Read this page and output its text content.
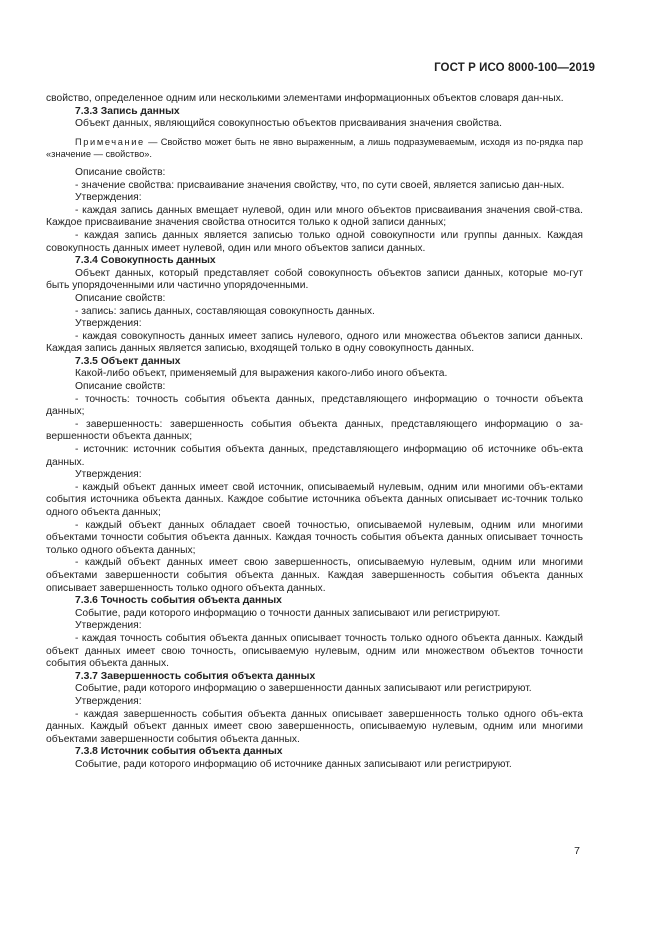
ГОСТ Р ИСО 8000-100—2019

свойство, определенное одним или несколькими элементами информационных объектов словаря дан-ных.

7.3.3 Запись данных

Объект данных, являющийся совокупностью объектов присваивания значения свойства.

Примечание — Свойство может быть не явно выраженным, а лишь подразумеваемым, исходя из по-рядка пар «значение — свойство».

Описание свойств:

- значение свойства: присваивание значения свойству, что, по сути своей, является записью дан-ных.

Утверждения:

- каждая запись данных вмещает нулевой, один или много объектов присваивания значения свой-ства. Каждое присваивание значения свойства относится только к одной записи данных;

- каждая запись данных является записью только одной совокупности или группы данных. Каждая совокупность данных имеет нулевой, один или много объектов записи данных.

7.3.4 Совокупность данных

Объект данных, который представляет собой совокупность объектов записи данных, которые мо-гут быть упорядоченными или частично упорядоченными.

Описание свойств:

- запись: запись данных, составляющая совокупность данных.

Утверждения:

- каждая совокупность данных имеет запись нулевого, одного или множества объектов записи данных. Каждая запись данных является записью, входящей только в одну совокупность данных.

7.3.5 Объект данных

Какой-либо объект, применяемый для выражения какого-либо иного объекта.

Описание свойств:

- точность: точность события объекта данных, представляющего информацию о точности объекта данных;

- завершенность: завершенность события объекта данных, представляющего информацию о за-вершенности объекта данных;

- источник: источник события объекта данных, представляющего информацию об источнике объ-екта данных.

Утверждения:

- каждый объект данных имеет свой источник, описываемый нулевым, одним или многими объ-ектами события источника объекта данных. Каждое событие источника объекта данных описывает ис-точник только одного объекта данных;

- каждый объект данных обладает своей точностью, описываемой нулевым, одним или многими объектами точности события объекта данных. Каждая точность события объекта данных описывает точность только одного объекта данных;

- каждый объект данных имеет свою завершенность, описываемую нулевым, одним или многими объектами завершенности события объекта данных. Каждая завершенность события объекта данных описывает завершенность только одного объекта данных.

7.3.6 Точность события объекта данных

Событие, ради которого информацию о точности данных записывают или регистрируют.

Утверждения:

- каждая точность события объекта данных описывает точность только одного объекта данных. Каждый объект данных имеет свою точность, описываемую нулевым, одним или множеством объектов точности события объекта данных.

7.3.7 Завершенность события объекта данных

Событие, ради которого информацию о завершенности данных записывают или регистрируют.

Утверждения:

- каждая завершенность события объекта данных описывает завершенность только одного объ-екта данных. Каждый объект данных имеет свою завершенность, описываемую нулевым, одним или многими объектами завершенности события объекта данных.

7.3.8 Источник события объекта данных

Событие, ради которого информацию об источнике данных записывают или регистрируют.

7
